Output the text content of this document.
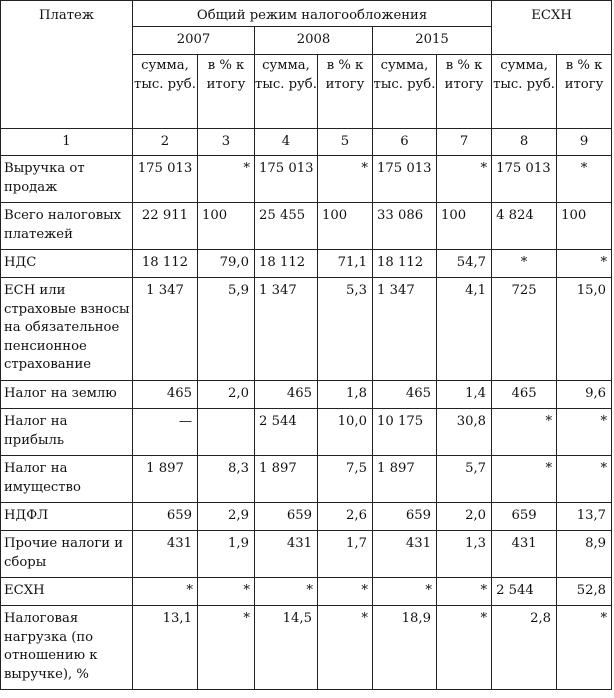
Платеж	Общий режим налогообложения						ЕСХН	
	2007		2008		2015			
	сумма, тыс. руб.	в % к итогу	сумма, тыс. руб.	в % к итогу	сумма, тыс. руб.	в % к итогу	сумма, тыс. руб.	в % к итогу
1	2	3	4	5	6	7	8	9
Выручка от продаж	175 013	*	175 013	*	175 013	*	175 013	*
Всего налоговых платежей	22 911	100	25 455	100	33 086	100	4 824	100
НДС	18 112	79,0	18 112	71,1	18 112	54,7	*	*
ЕСН или страховые взносы на обязательное пенсионное страхование	1 347	5,9	1 347	5,3	1 347	4,1	725	15,0
Налог на землю	465	2,0	465	1,8	465	1,4	465	9,6
Налог на прибыль	—		2 544	10,0	10 175	30,8	*	*
Налог на имущество	1 897	8,3	1 897	7,5	1 897	5,7	*	*
НДФЛ	659	2,9	659	2,6	659	2,0	659	13,7
Прочие налоги и сборы	431	1,9	431	1,7	431	1,3	431	8,9
ЕСХН	*	*	*	*	*	*	2 544	52,8
Налоговая нагрузка (по отношению к выручке), %	13,1	*	14,5	*	18,9	*	2,8	*
